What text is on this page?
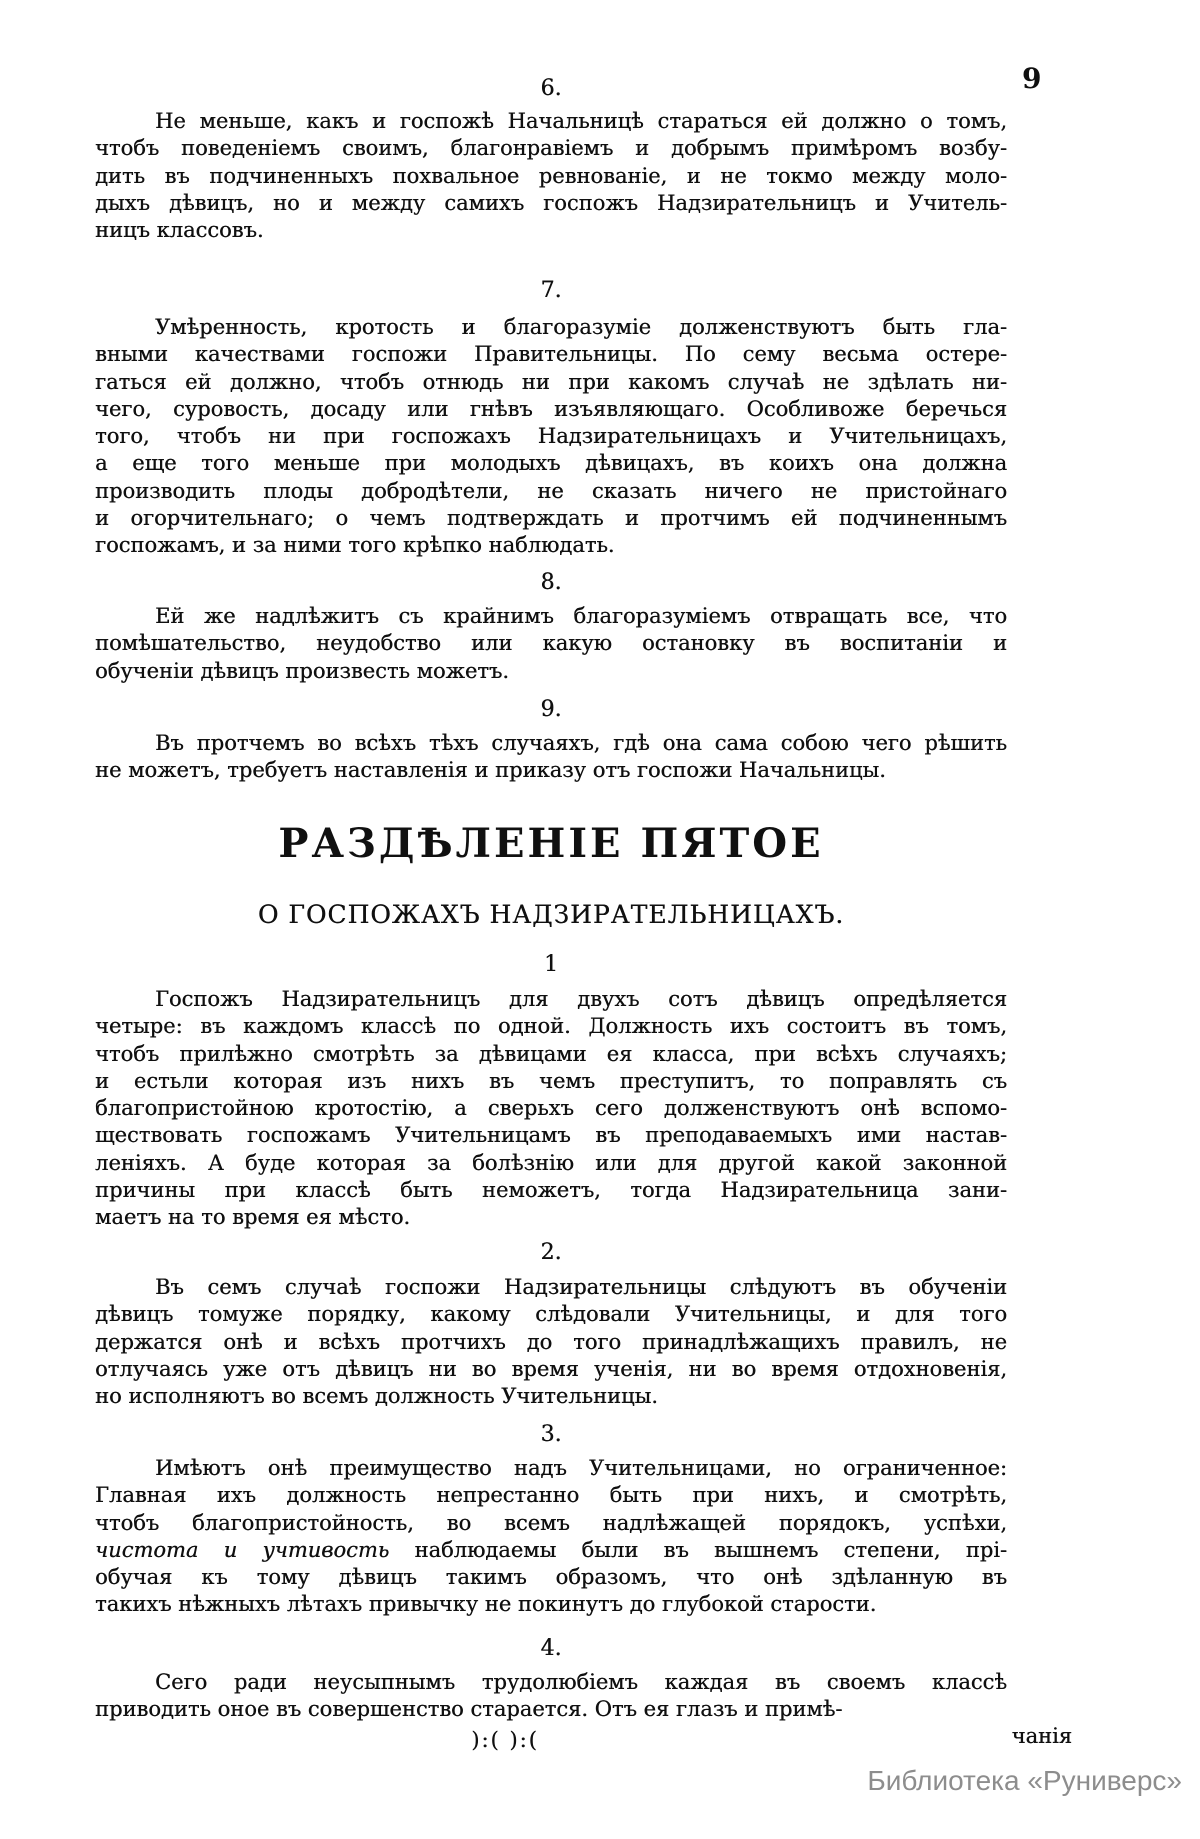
9
6.
Не меньше, какъ и госпожѣ Начальницѣ стараться ей должно о томъ,
чтобъ поведеніемъ своимъ, благонравіемъ и добрымъ примѣромъ возбу-
дить въ подчиненныхъ похвальное ревнованіе, и не токмо между моло-
дыхъ дѣвицъ, но и между самихъ госпожъ Надзирательницъ и Учитель-
ницъ классовъ.
7.
Умѣренность, кротость и благоразуміе долженствуютъ быть гла-
вными качествами госпожи Правительницы. По сему весьма остере-
гаться ей должно, чтобъ отнюдь ни при какомъ случаѣ не здѣлать ни-
чего, суровость, досаду или гнѣвъ изъявляющаго. Особливоже беречься
того, чтобъ ни при госпожахъ Надзирательницахъ и Учительницахъ,
а еще того меньше при молодыхъ дѣвицахъ, въ коихъ она должна
производить плоды добродѣтели, не сказать ничего не пристойнаго
и огорчительнаго; о чемъ подтверждать и протчимъ ей подчиненнымъ
госпожамъ, и за ними того крѣпко наблюдать.
8.
Ей же надлѣжитъ съ крайнимъ благоразуміемъ отвращать все, что
помѣшательство, неудобство или какую остановку въ воспитаніи и
обученіи дѣвицъ произвесть можетъ.
9.
Въ протчемъ во всѣхъ тѣхъ случаяхъ, гдѣ она сама собою чего рѣшить
не можетъ, требуетъ наставленія и приказу отъ госпожи Начальницы.
1
Госпожъ Надзирательницъ для двухъ сотъ дѣвицъ опредѣляется
четыре: въ каждомъ классѣ по одной. Должность ихъ состоитъ въ томъ,
чтобъ прилѣжно смотрѣть за дѣвицами ея класса, при всѣхъ случаяхъ;
и естьли которая изъ нихъ въ чемъ преступитъ, то поправлять съ
благопристойною кротостію, а сверьхъ сего долженствуютъ онѣ вспомо-
ществовать госпожамъ Учительницамъ въ преподаваемыхъ ими настав-
леніяхъ. А буде которая за болѣзнію или для другой какой законной
причины при классѣ быть неможетъ, тогда Надзирательница зани-
маетъ на то время ея мѣсто.
2.
Въ семъ случаѣ госпожи Надзирательницы слѣдуютъ въ обученіи
дѣвицъ томуже порядку, какому слѣдовали Учительницы, и для того
держатся онѣ и всѣхъ протчихъ до того принадлѣжащихъ правилъ, не
отлучаясь уже отъ дѣвицъ ни во время ученія, ни во время отдохновенія,
но исполняютъ во всемъ должность Учительницы.
3.
Имѣютъ онѣ преимущество надъ Учительницами, но ограниченное:
Главная ихъ должность непрестанно быть при нихъ, и смотрѣть,
чтобъ благопристойность, во всемъ надлѣжащей порядокъ, успѣхи,
чистота и учтивость наблюдаемы были въ вышнемъ степени, прі-
обучая къ тому дѣвицъ такимъ образомъ, что онѣ здѣланную въ
такихъ нѣжныхъ лѣтахъ привычку не покинутъ до глубокой старости.
4.
Сего ради неусыпнымъ трудолюбіемъ каждая въ своемъ классѣ
приводить оное въ совершенство старается. Отъ ея глазъ и примѣ-
РАЗДѢЛЕНІЕ ПЯТОЕ
О ГОСПОЖАХЪ НАДЗИРАТЕЛЬНИЦАХЪ.
чанія
):( ):(
Библиотека «Руниверс»
